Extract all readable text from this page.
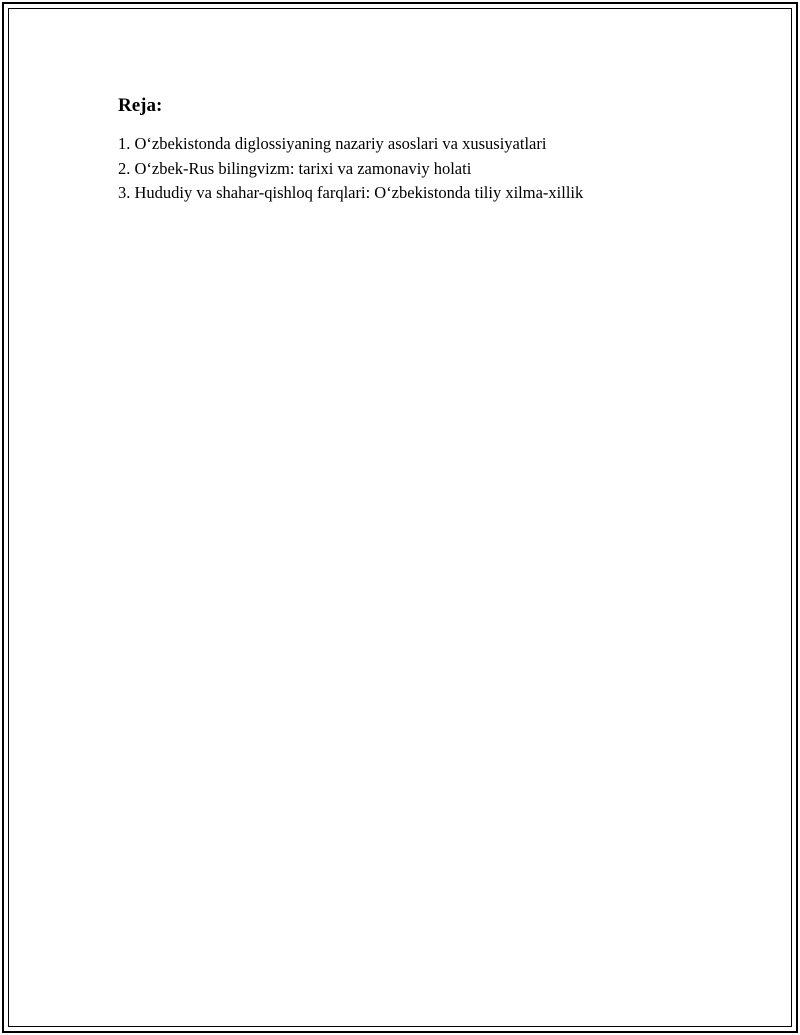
Reja:
1. O‘zbekistonda diglossiyaning nazariy asoslari va xususiyatlari
2. O‘zbek-Rus bilingvizm: tarixi va zamonaviy holati
3. Hududiy va shahar-qishloq farqlari: O‘zbekistonda tiliy xilma-xillik
